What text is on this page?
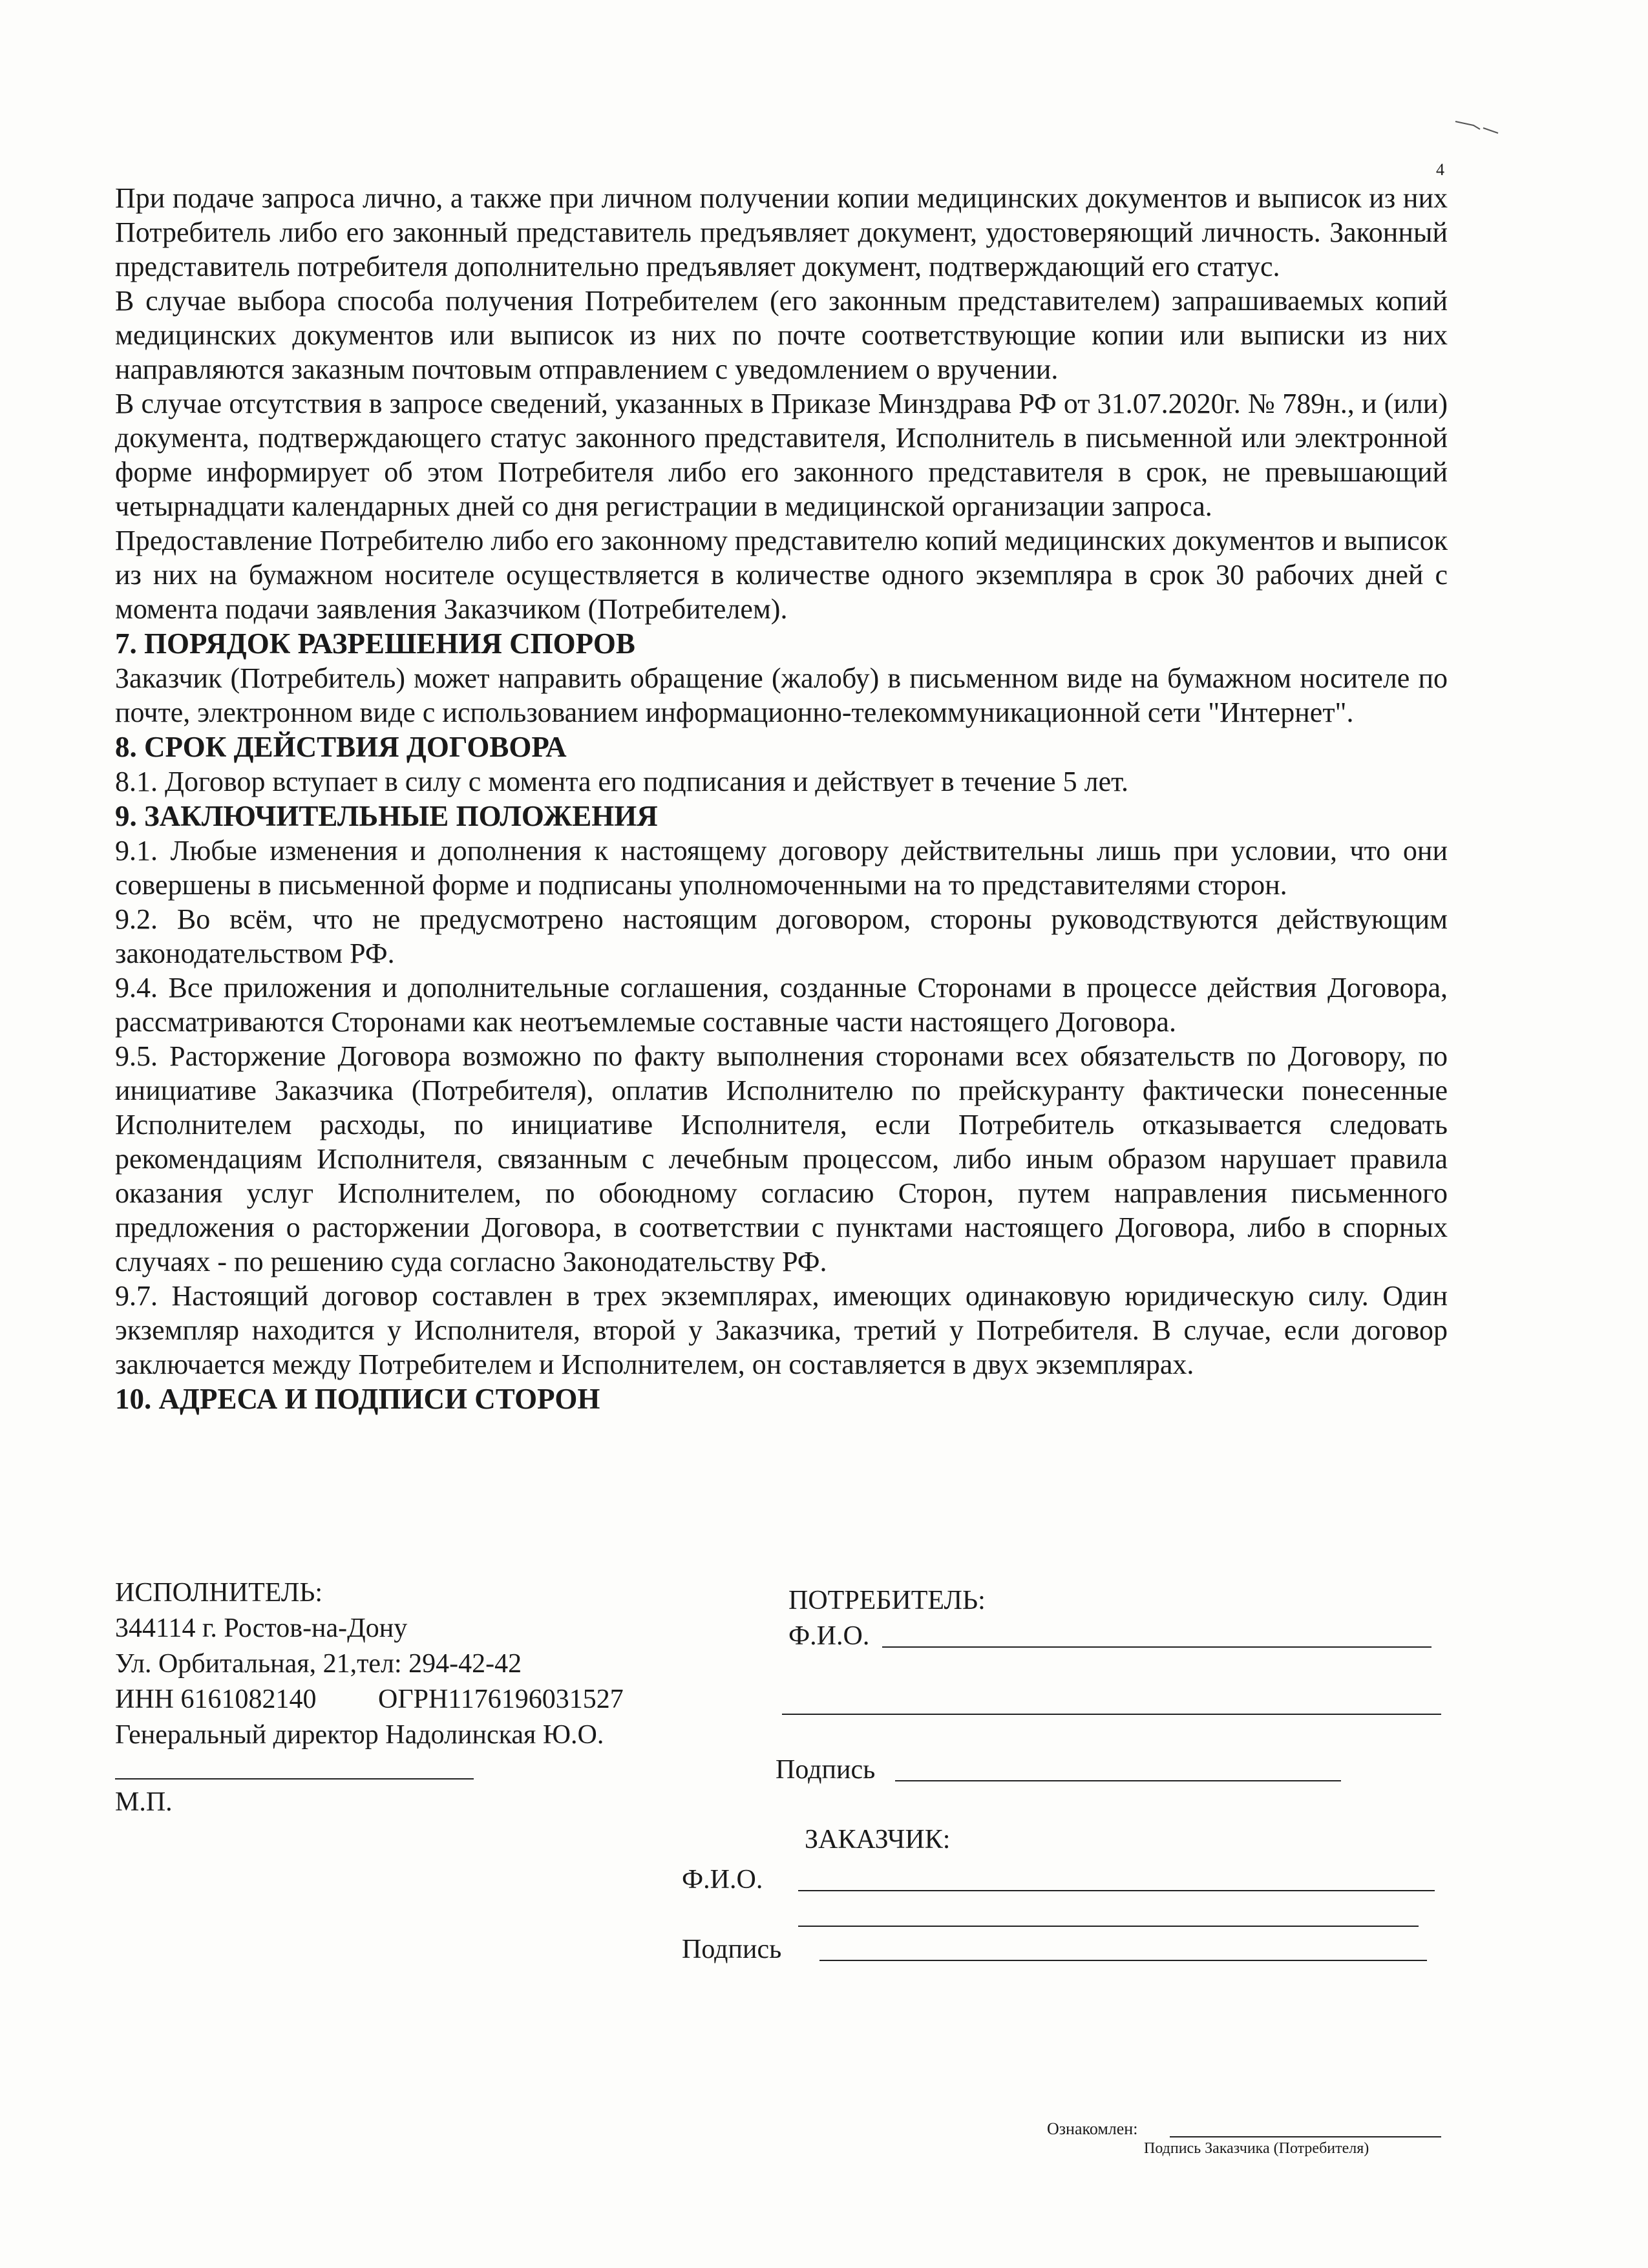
4

При подаче запроса лично, а также при личном получении копии медицинских документов и выписок из них Потребитель либо его законный представитель предъявляет документ, удостоверяющий личность. Законный представитель потребителя дополнительно предъявляет документ, подтверждающий его статус.

В случае выбора способа получения Потребителем (его законным представителем) запрашиваемых копий медицинских документов или выписок из них по почте соответствующие копии или выписки из них направляются заказным почтовым отправлением с уведомлением о вручении.

В случае отсутствия в запросе сведений, указанных в Приказе Минздрава РФ от 31.07.2020г. № 789н., и (или) документа, подтверждающего статус законного представителя, Исполнитель в письменной или электронной форме информирует об этом Потребителя либо его законного представителя в срок, не превышающий четырнадцати календарных дней со дня регистрации в медицинской организации запроса.

Предоставление Потребителю либо его законному представителю копий медицинских документов и выписок из них на бумажном носителе осуществляется в количестве одного экземпляра в срок 30 рабочих дней с момента подачи заявления Заказчиком (Потребителем).

7. ПОРЯДОК РАЗРЕШЕНИЯ СПОРОВ

Заказчик (Потребитель) может направить обращение (жалобу) в письменном виде на бумажном носителе по почте, электронном виде с использованием информационно-телекоммуникационной сети "Интернет".

8. СРОК ДЕЙСТВИЯ ДОГОВОРА

8.1. Договор вступает в силу с момента его подписания и действует в течение 5 лет.

9. ЗАКЛЮЧИТЕЛЬНЫЕ ПОЛОЖЕНИЯ

9.1. Любые изменения и дополнения к настоящему договору действительны лишь при условии, что они совершены в письменной форме и подписаны уполномоченными на то представителями сторон.

9.2. Во всём, что не предусмотрено настоящим договором, стороны руководствуются действующим законодательством РФ.

9.4. Все приложения и дополнительные соглашения, созданные Сторонами в процессе действия Договора, рассматриваются Сторонами как неотъемлемые составные части настоящего Договора.

9.5. Расторжение Договора возможно по факту выполнения сторонами всех обязательств по Договору, по инициативе Заказчика (Потребителя), оплатив Исполнителю по прейскуранту фактически понесенные Исполнителем расходы, по инициативе Исполнителя, если Потребитель отказывается следовать рекомендациям Исполнителя, связанным с лечебным процессом, либо иным образом нарушает правила оказания услуг Исполнителем, по обоюдному согласию Сторон, путем направления письменного предложения о расторжении Договора, в соответствии с пунктами настоящего Договора, либо в спорных случаях - по решению суда согласно Законодательству РФ.

9.7. Настоящий договор составлен в трех экземплярах, имеющих одинаковую юридическую силу. Один экземпляр находится у Исполнителя, второй у Заказчика, третий у Потребителя. В случае, если договор заключается между Потребителем и Исполнителем, он составляется в двух экземплярах.

10. АДРЕСА И ПОДПИСИ СТОРОН

ИСПОЛНИТЕЛЬ:
344114 г. Ростов-на-Дону
Ул. Орбитальная, 21,тел: 294-42-42
ИНН 6161082140 ОГРН1176196031527
Генеральный директор Надолинская Ю.О.
М.П.
ПОТРЕБИТЕЛЬ:
Ф.И.О.
Подпись
ЗАКАЗЧИК:
Ф.И.О.
Подпись
Ознакомлен:
Подпись Заказчика (Потребителя)
